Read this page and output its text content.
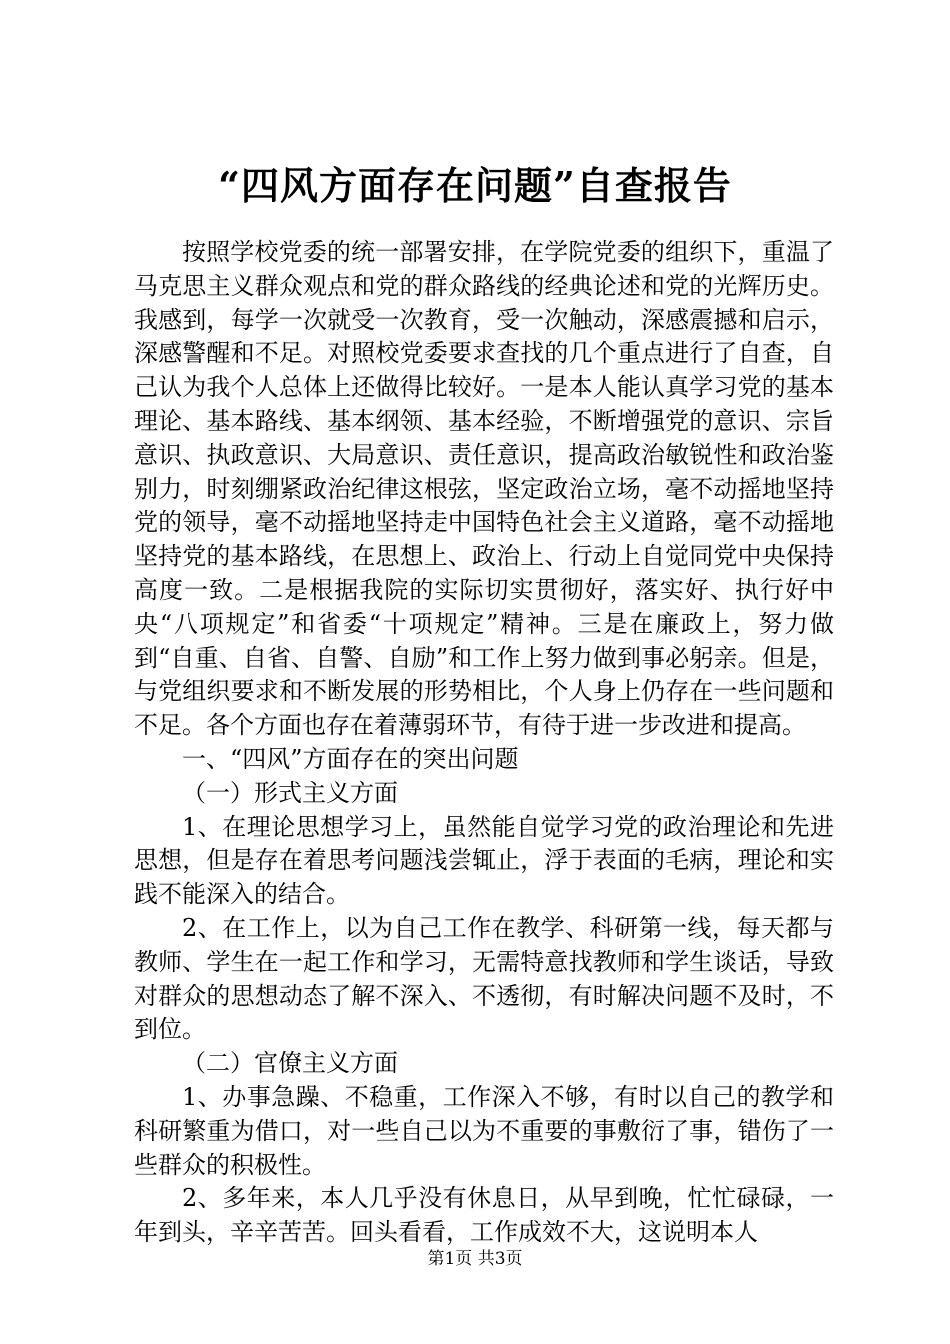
“四风方面存在问题”自查报告

按照学校党委的统一部署安排，在学院党委的组织下，重温了马克思主义群众观点和党的群众路线的经典论述和党的光辉历史。我感到，每学一次就受一次教育，受一次触动，深感震撼和启示，深感警醒和不足。对照校党委要求查找的几个重点进行了自查，自己认为我个人总体上还做得比较好。一是本人能认真学习党的基本理论、基本路线、基本纲领、基本经验，不断增强党的意识、宗旨意识、执政意识、大局意识、责任意识，提高政治敏锐性和政治鉴别力，时刻绷紧政治纪律这根弦，坚定政治立场，毫不动摇地坚持党的领导，毫不动摇地坚持走中国特色社会主义道路，毫不动摇地坚持党的基本路线，在思想上、政治上、行动上自觉同党中央保持高度一致。二是根据我院的实际切实贯彻好，落实好、执行好中央“八项规定”和省委“十项规定”精神。三是在廉政上，努力做到“自重、自省、自警、自励”和工作上努力做到事必躬亲。但是，与党组织要求和不断发展的形势相比，个人身上仍存在一些问题和不足。各个方面也存在着薄弱环节，有待于进一步改进和提高。

一、“四风”方面存在的突出问题

（一）形式主义方面

1、在理论思想学习上，虽然能自觉学习党的政治理论和先进思想，但是存在着思考问题浅尝辄止，浮于表面的毛病，理论和实践不能深入的结合。

2、在工作上，以为自己工作在教学、科研第一线，每天都与教师、学生在一起工作和学习，无需特意找教师和学生谈话，导致对群众的思想动态了解不深入、不透彻，有时解决问题不及时，不到位。

（二）官僚主义方面

1、办事急躁、不稳重，工作深入不够，有时以自己的教学和科研繁重为借口，对一些自己以为不重要的事敷衍了事，错伤了一些群众的积极性。

2、多年来，本人几乎没有休息日，从早到晚，忙忙碌碌，一年到头，辛辛苦苦。回头看看，工作成效不大，这说明本人

第1页 共3页
